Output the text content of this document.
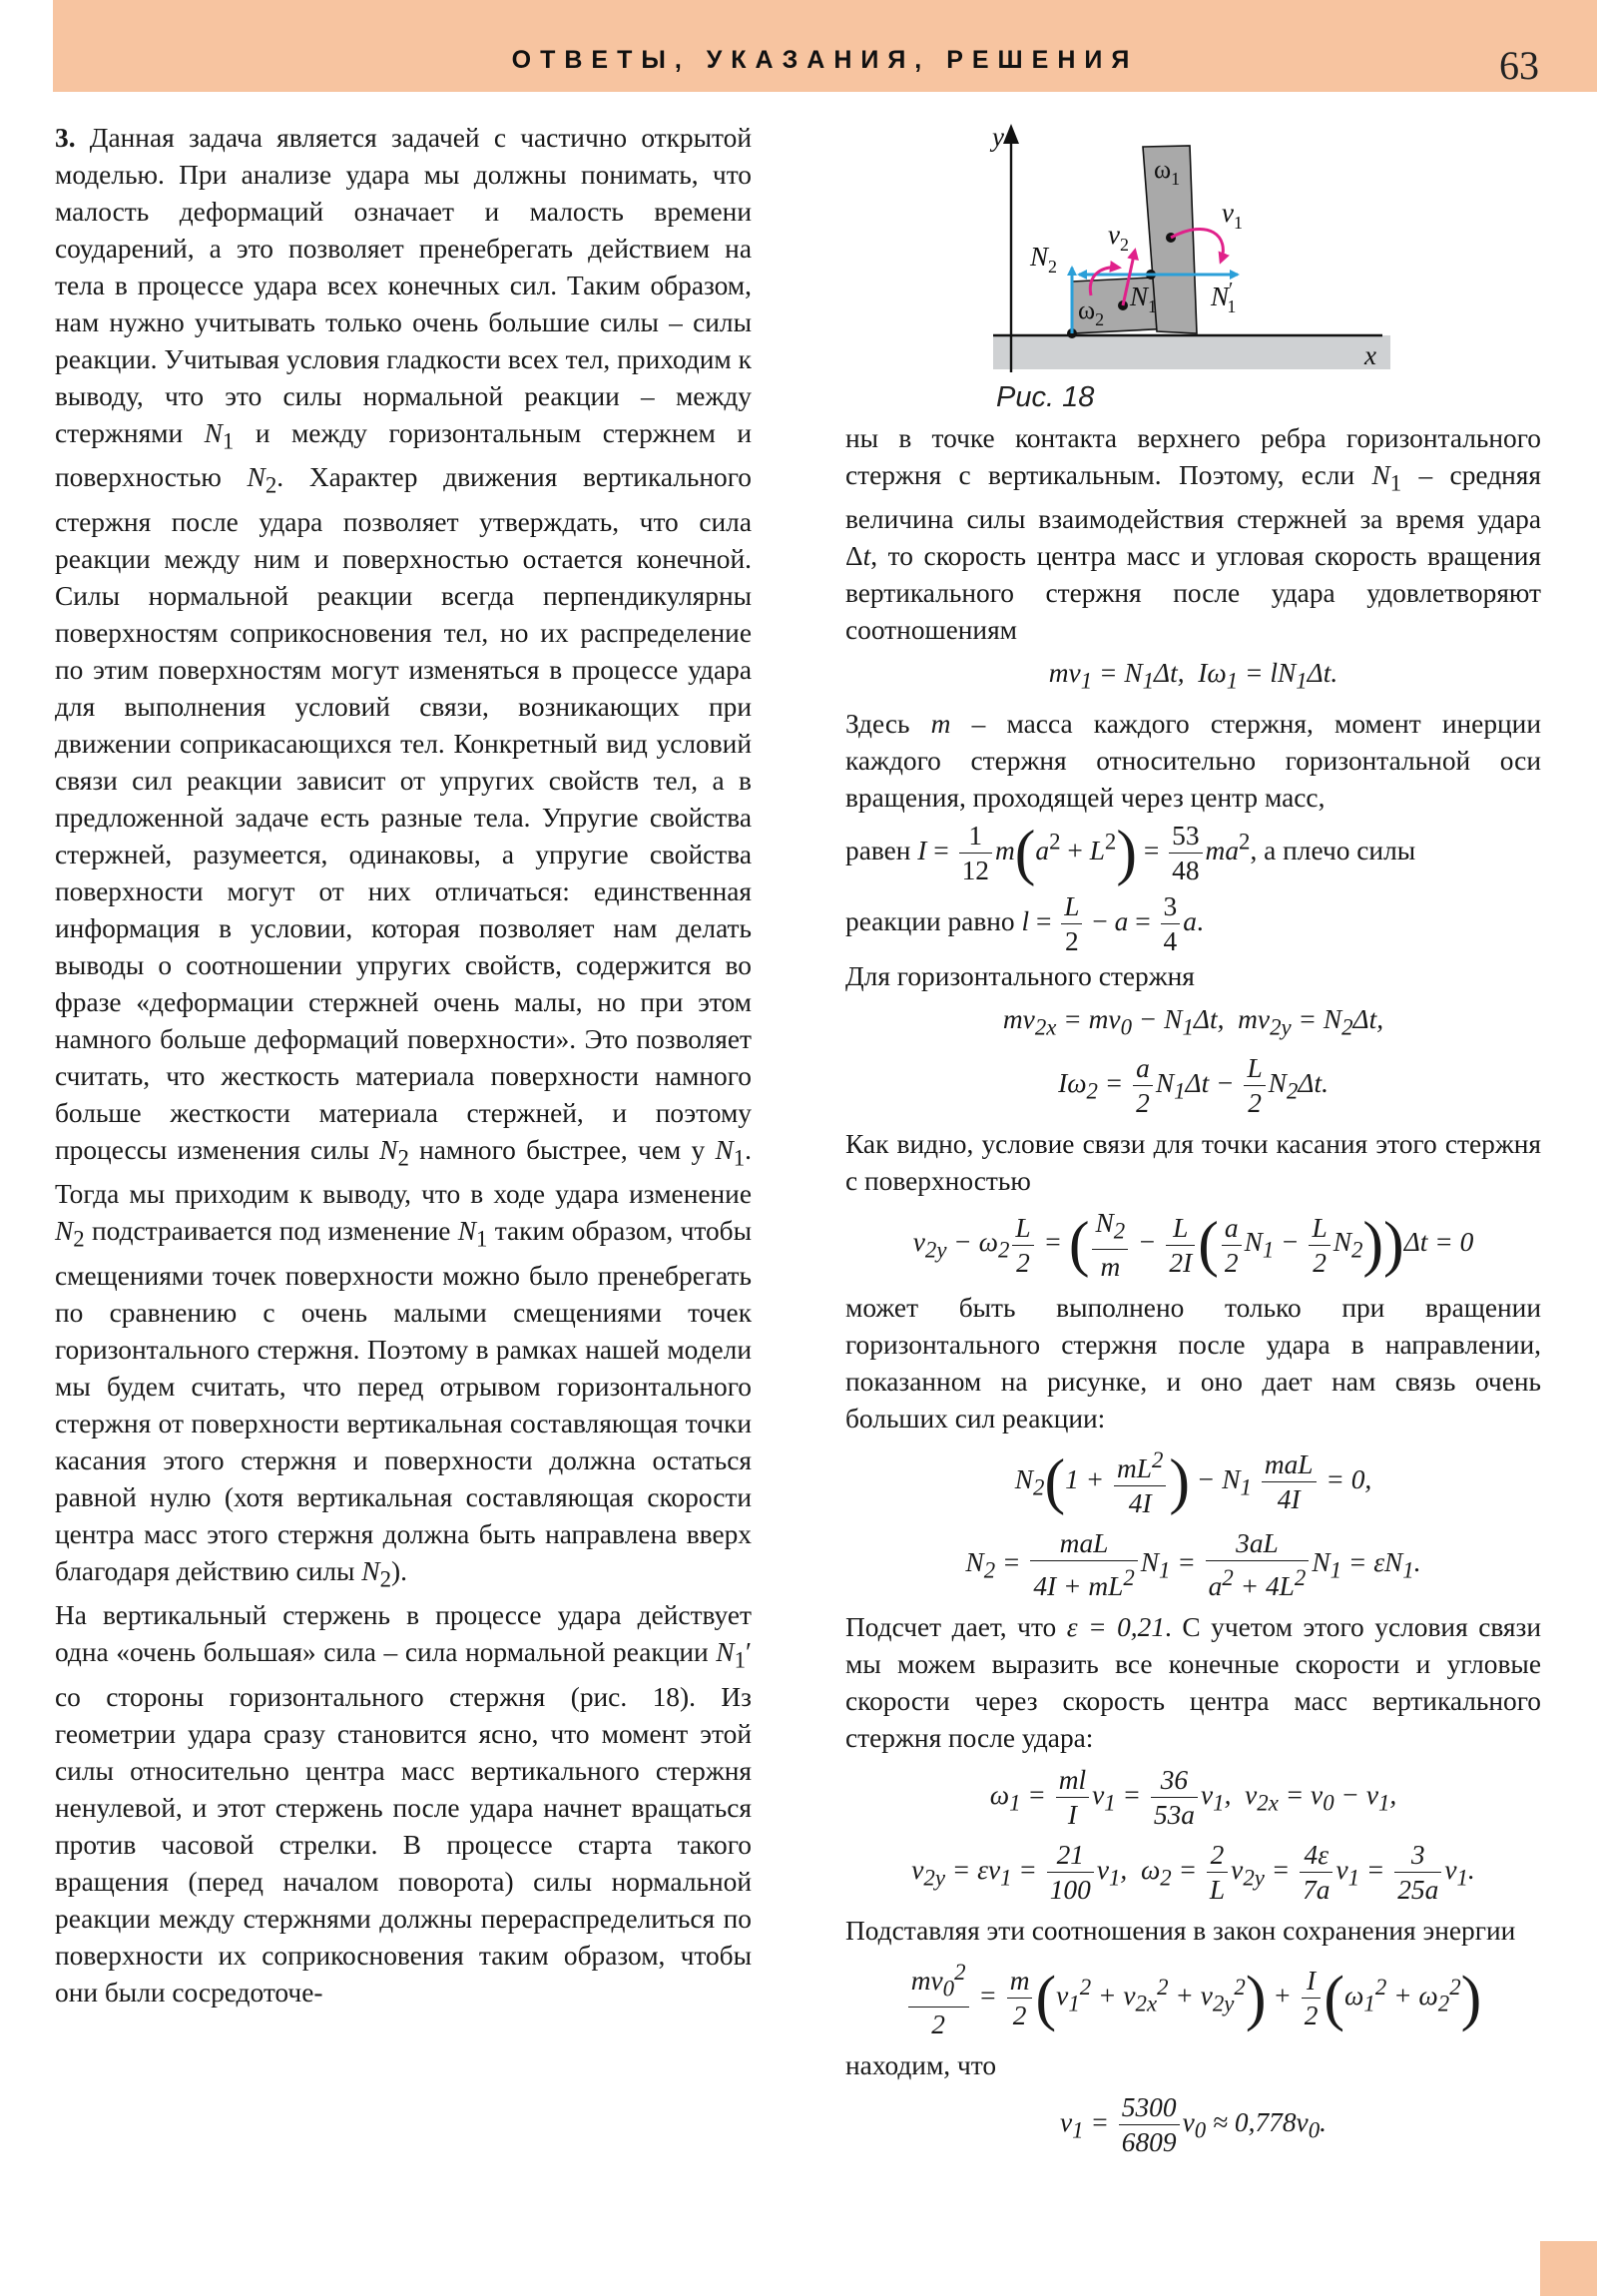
ОТВЕТЫ, УКАЗАНИЯ, РЕШЕНИЯ	63
y
x
$N_2$
$v_2$
$\omega_2$
$N_1$ N′ 1
$\omega_1$
$v_1$
Рис. 18

3. Данная задача является задачей с частично открытой моделью. При анализе удара мы должны понимать, что малость деформаций означает и малость времени соударений, а это позволяет пренебрегать действием на тела в процессе удара всех конечных сил. Таким образом, нам нужно учитывать только очень большие силы – силы реакции. Учитывая условия гладкости всех тел, приходим к выводу, что это силы нормальной реакции – между стержнями $N_1$ и между горизонтальным стержнем и поверхностью $N_2$. Характер движения вертикального стержня после удара позволяет утверждать, что сила реакции между ним и поверхностью остается конечной. Силы нормальной реакции всегда перпендикулярны поверхностям соприкосновения тел, но их распределение по этим поверхностям могут изменяться в процессе удара для выполнения условий связи, возникающих при движении соприкасающихся тел. Конкретный вид условий связи сил реакции зависит от упругих свойств тел, а в предложенной задаче есть разные тела. Упругие свойства стержней, разумеется, одинаковы, а упругие свойства поверхности могут от них отличаться: единственная информация в условии, которая позволяет нам делать выводы о соотношении упругих свойств, содержится во фразе «деформации стержней очень малы, но при этом намного больше деформаций поверхности». Это позволяет считать, что жесткость материала поверхности намного больше жесткости материала стержней, и поэтому процессы изменения силы $N_2$ намного быстрее, чем у $N_1$. Тогда мы приходим к выводу, что в ходе удара изменение $N_2$ подстраивается под изменение $N_1$ таким образом, чтобы смещениями точек поверхности можно было пренебрегать по сравнению с очень малыми смещениями точек горизонтального стержня. Поэтому в рамках нашей модели мы будем считать, что перед отрывом горизонтального стержня от поверхности вертикальная составляющая точки касания этого стержня и поверхности должна остаться равной нулю (хотя вертикальная составляющая скорости центра масс этого стержня должна быть направлена вверх благодаря действию силы $N_2$).

На вертикальный стержень в процессе удара действует одна «очень большая» сила – сила нормальной реакции $N_1'$ со стороны горизонтального стержня (рис. 18). Из геометрии удара сразу становится ясно, что момент этой силы относительно центра масс вертикального стержня ненулевой, и этот стержень после удара начнет вращаться против часовой стрелки. В процессе старта такого вращения (перед началом поворота) силы нормальной реакции между стержнями должны перераспределиться по поверхности их соприкосновения таким образом, чтобы они были сосредоточе-

ны в точке контакта верхнего ребра горизонтального стержня с вертикальным. Поэтому, если $N_1$ – средняя величина силы взаимодействия стержней за время удара Δt, то скорость центра масс и угловая скорость вращения вертикального стержня после удара удовлетворяют соотношениям

$mv_1 = N_1\Delta t$,  $I\omega_1 = lN_1\Delta t$.

Здесь m – масса каждого стержня, момент инерции каждого стержня относительно горизонтальной оси вращения, проходящей через центр масс,

равен $I = \frac{1}{12} m(a^2 + L^2) = \frac{53}{48} ma^2$, а плечо силы

реакции равно $l = \frac{L}{2} - a = \frac{3}{4} a$.

Для горизонтального стержня

$mv_{2x} = mv_0 - N_1\Delta t$,  $mv_{2y} = N_2\Delta t$,
$I\omega_2 = \frac{a}{2} N_1\Delta t - \frac{L}{2} N_2\Delta t$.

Как видно, условие связи для точки касания этого стержня с поверхностью

$v_{2y} - \omega_2 \frac{L}{2}$ = ( $\frac{N_2}{m} - \frac{L}{2I}$ ( $\frac{a}{2} N_1 - \frac{L}{2} N_2))\Delta t = 0$

может быть выполнено только при вращении горизонтального стержня после удара в направлении, показанном на рисунке, и оно дает нам связь очень больших сил реакции:

$N_2(1 + \frac{mL^2}{4I}$ ) − $N_1 \frac{\text{maL}}{4I} = 0$,
$N_2 = \frac{\text{maL}}{4I + mL^2} N_1 = \frac{3aL}{a^2 + 4L^2} N_1 = \varepsilon N_1$.

Подсчет дает, что ε = 0,21. С учетом этого условия связи мы можем выразить все конечные скорости и угловые скорости через скорость центра масс вертикального стержня после удара:

$\omega_1 = \frac{ml}{I} v_1 = \frac{36}{53a} v_1$,  $v_{2x} = v_0 - v_1$,
$v_{2y} = \varepsilon v_1 = \frac{21}{100} v_1$,  $\omega_2 = \frac{2}{L} v_{2y} = \frac{4\varepsilon}{7a} v_1 = \frac{3}{25a} v_1$.

Подставляя эти соотношения в закон сохранения энергии

$\frac{mv_0^2}{2} = \frac{m}{2} (v_1^2 + v_{2x}^2 + v_{2y}^2) + \frac{I}{2} (\omega_1^2 + \omega_2^2)$

находим, что

$v_1 = \frac{5300}{6809} v_0 \approx 0,778v_0$.
